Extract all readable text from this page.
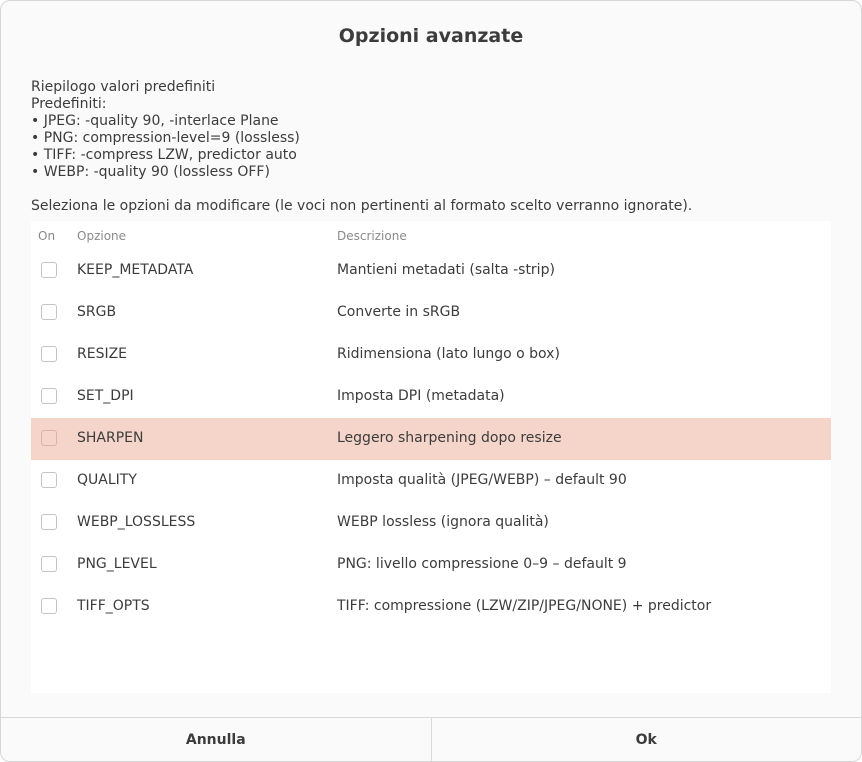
Opzioni avanzate
Riepilogo valori predefiniti
Predefiniti:
• JPEG: -quality 90, -interlace Plane
• PNG: compression-level=9 (lossless)
• TIFF: -compress LZW, predictor auto
• WEBP: -quality 90 (lossless OFF)
Seleziona le opzioni da modificare (le voci non pertinenti al formato scelto verranno ignorate).
On Opzione	Descrizione
KEEP_METADATA	Mantieni metadati (salta -strip)
SRGB	Converte in sRGB
RESIZE	Ridimensiona (lato lungo o box)
SET_DPI	Imposta DPI (metadata)
SHARPEN	Leggero sharpening dopo resize
QUALITY	Imposta qualità (JPEG/WEBP) – default 90
WEBP_LOSSLESS	WEBP lossless (ignora qualità)
PNG_LEVEL	PNG: livello compressione 0–9 – default 9
TIFF_OPTS	TIFF: compressione (LZW/ZIP/JPEG/NONE) + predictor
Annulla	Ok
